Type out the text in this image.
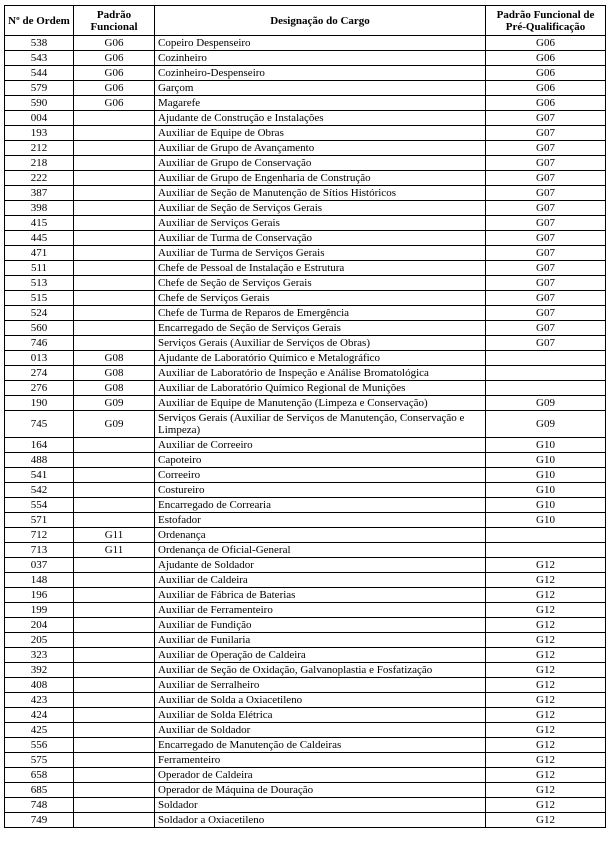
Nº de Ordem	Padrão Funcional	Designação do Cargo	Padrão Funcional de Pré-Qualificação
538	G06	Copeiro Despenseiro	G06
543	G06	Cozinheiro	G06
544	G06	Cozinheiro-Despenseiro	G06
579	G06	Garçom	G06
590	G06	Magarefe	G06
004		Ajudante de Construção e Instalações	G07
193		Auxiliar de Equipe de Obras	G07
212		Auxiliar de Grupo de Avançamento	G07
218		Auxiliar de Grupo de Conservação	G07
222		Auxiliar de Grupo de Engenharia de Construção	G07
387		Auxiliar de Seção de Manutenção de Sítios Históricos	G07
398		Auxiliar de Seção de Serviços Gerais	G07
415		Auxiliar de Serviços Gerais	G07
445		Auxiliar de Turma de Conservação	G07
471		Auxiliar de Turma de Serviços Gerais	G07
511		Chefe de Pessoal de Instalação e Estrutura	G07
513		Chefe de Seção de Serviços Gerais	G07
515		Chefe de Serviços Gerais	G07
524		Chefe de Turma de Reparos de Emergência	G07
560		Encarregado de Seção de Serviços Gerais	G07
746		Serviços Gerais (Auxiliar de Serviços de Obras)	G07
013	G08	Ajudante de Laboratório Químico e Metalográfico	
274	G08	Auxiliar de Laboratório de Inspeção e Análise Bromatológica	
276	G08	Auxiliar de Laboratório Químico Regional de Munições	
190	G09	Auxiliar de Equipe de Manutenção (Limpeza e Conservação)	G09
745	G09	Serviços Gerais (Auxiliar de Serviços de Manutenção, Conservação e Limpeza)	G09
164		Auxiliar de Correeiro	G10
488		Capoteiro	G10
541		Correeiro	G10
542		Costureiro	G10
554		Encarregado de Correaria	G10
571		Estofador	G10
712	G11	Ordenança	
713	G11	Ordenança de Oficial-General	
037		Ajudante de Soldador	G12
148		Auxiliar de Caldeira	G12
196		Auxiliar de Fábrica de Baterias	G12
199		Auxiliar de Ferramenteiro	G12
204		Auxiliar de Fundição	G12
205		Auxiliar de Funilaria	G12
323		Auxiliar de Operação de Caldeira	G12
392		Auxiliar de Seção de Oxidação, Galvanoplastia e Fosfatização	G12
408		Auxiliar de Serralheiro	G12
423		Auxiliar de Solda a Oxiacetileno	G12
424		Auxiliar de Solda Elétrica	G12
425		Auxiliar de Soldador	G12
556		Encarregado de Manutenção de Caldeiras	G12
575		Ferramenteiro	G12
658		Operador de Caldeira	G12
685		Operador de Máquina de Douração	G12
748		Soldador	G12
749		Soldador a Oxiacetileno	G12
